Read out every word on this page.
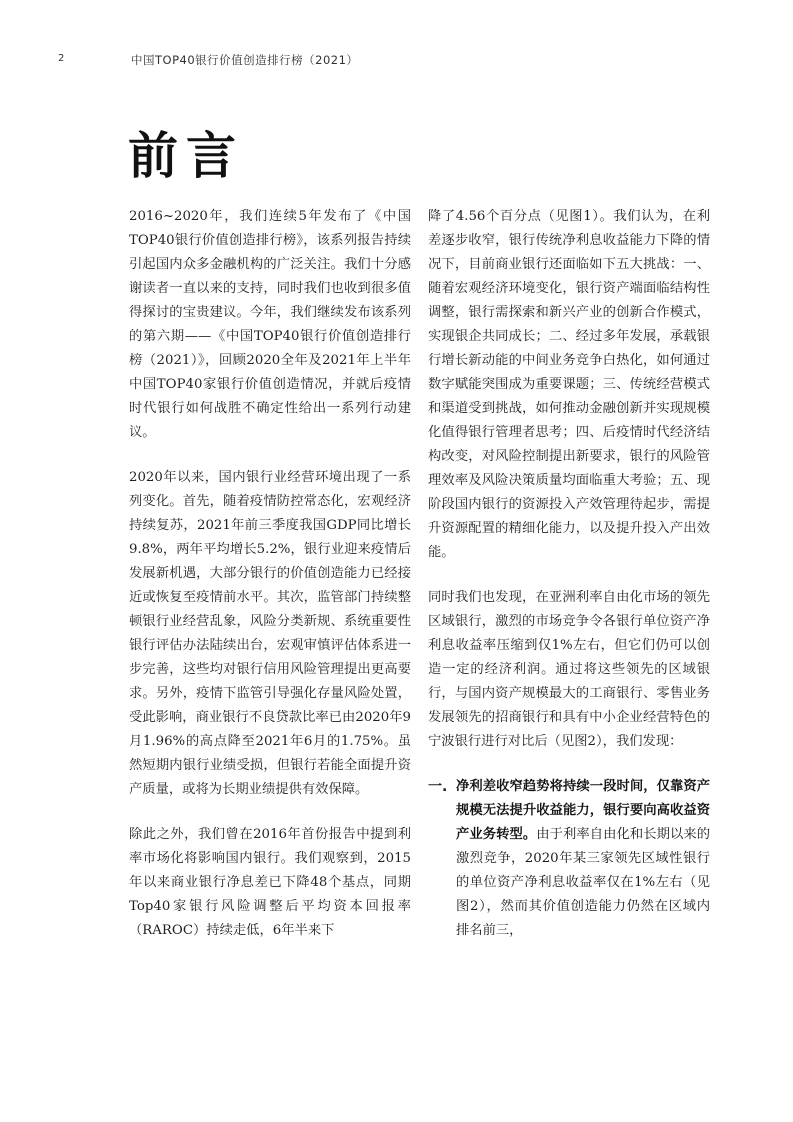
2	中国TOP40银行价值创造排行榜（2021）
前言

2016~2020年，我们连续5年发布了《中国TOP40银行价值创造排行榜》，该系列报告持续引起国内众多金融机构的广泛关注。我们十分感谢读者一直以来的支持，同时我们也收到很多值得探讨的宝贵建议。今年，我们继续发布该系列的第六期——《中国TOP40银行价值创造排行榜（2021）》，回顾2020全年及2021年上半年中国TOP40家银行价值创造情况，并就后疫情时代银行如何战胜不确定性给出一系列行动建议。

2020年以来，国内银行业经营环境出现了一系列变化。首先，随着疫情防控常态化，宏观经济持续复苏，2021年前三季度我国GDP同比增长9.8%，两年平均增长5.2%，银行业迎来疫情后发展新机遇，大部分银行的价值创造能力已经接近或恢复至疫情前水平。其次，监管部门持续整顿银行业经营乱象，风险分类新规、系统重要性银行评估办法陆续出台，宏观审慎评估体系进一步完善，这些均对银行信用风险管理提出更高要求。另外，疫情下监管引导强化存量风险处置，受此影响，商业银行不良贷款比率已由2020年9月1.96%的高点降至2021年6月的1.75%。虽然短期内银行业绩受损，但银行若能全面提升资产质量，或将为长期业绩提供有效保障。

除此之外，我们曾在2016年首份报告中提到利率市场化将影响国内银行。我们观察到，2015年以来商业银行净息差已下降48个基点，同期Top40家银行风险调整后平均资本回报率（RAROC）持续走低，6年半来下

降了4.56个百分点（见图1）。我们认为，在利差逐步收窄，银行传统净利息收益能力下降的情况下，目前商业银行还面临如下五大挑战：一、随着宏观经济环境变化，银行资产端面临结构性调整，银行需探索和新兴产业的创新合作模式，实现银企共同成长；二、经过多年发展，承载银行增长新动能的中间业务竞争白热化，如何通过数字赋能突围成为重要课题；三、传统经营模式和渠道受到挑战，如何推动金融创新并实现规模化值得银行管理者思考；四、后疫情时代经济结构改变，对风险控制提出新要求，银行的风险管理效率及风险决策质量均面临重大考验；五、现阶段国内银行的资源投入产效管理待起步，需提升资源配置的精细化能力，以及提升投入产出效能。

同时我们也发现，在亚洲利率自由化市场的领先区域银行，激烈的市场竞争令各银行单位资产净利息收益率压缩到仅1%左右，但它们仍可以创造一定的经济利润。通过将这些领先的区域银行，与国内资产规模最大的工商银行、零售业务发展领先的招商银行和具有中小企业经营特色的宁波银行进行对比后（见图2），我们发现：

一. 净利差收窄趋势将持续一段时间，仅靠资产规模无法提升收益能力，银行要向高收益资产业务转型。由于利率自由化和长期以来的激烈竞争，2020年某三家领先区域性银行的单位资产净利息收益率仅在1%左右（见图2），然而其价值创造能力仍然在区域内排名前三，
